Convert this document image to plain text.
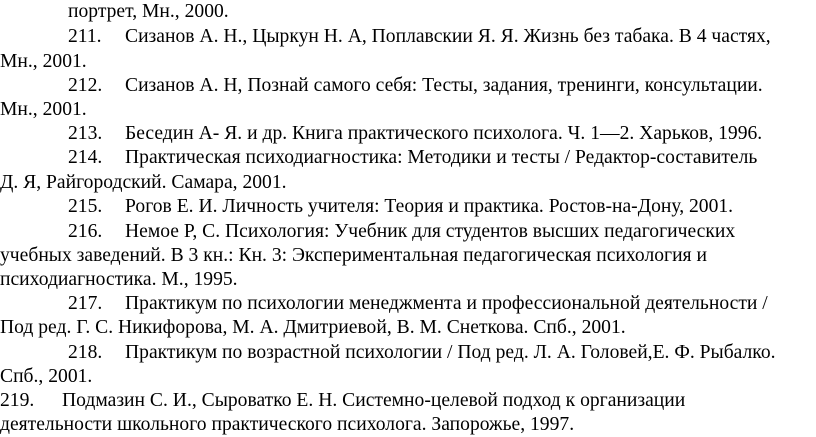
портрет, Мн., 2000.
211. Сизанов А. Н., Цыркун Н. А, Поплавскии Я. Я. Жизнь без табака. В 4 частях,
Мн., 2001.
212. Сизанов А. Н, Познай самого себя: Тесты, задания, тренинги, консультации.
Мн., 2001.
213. Беседин А- Я. и др. Книга практического психолога. Ч. 1—2. Харьков, 1996.
214. Практическая психодиагностика: Методики и тесты / Редактор-составитель
Д. Я, Райгородский. Самара, 2001.
215. Рогов Е. И. Личность учителя: Теория и практика. Ростов-на-Дону, 2001.
216. Немое Р, С. Психология: Учебник для студентов высших педагогических
учебных заведений. В 3 кн.: Кн. 3: Экспериментальная педагогическая психология и
психодиагностика. М., 1995.
217. Практикум по психологии менеджмента и профессиональной деятельности /
Под ред. Г. С. Никифорова, М. А. Дмитриевой, В. М. Снеткова. Спб., 2001.
218. Практикум по возрастной психологии / Под ред. Л. А. Головей,Е. Ф. Рыбалко.
Спб., 2001.
219. Подмазин С. И., Сыроватко Е. Н. Системно-целевой подход к организации
деятельности школьного практического психолога. Запорожье, 1997.
